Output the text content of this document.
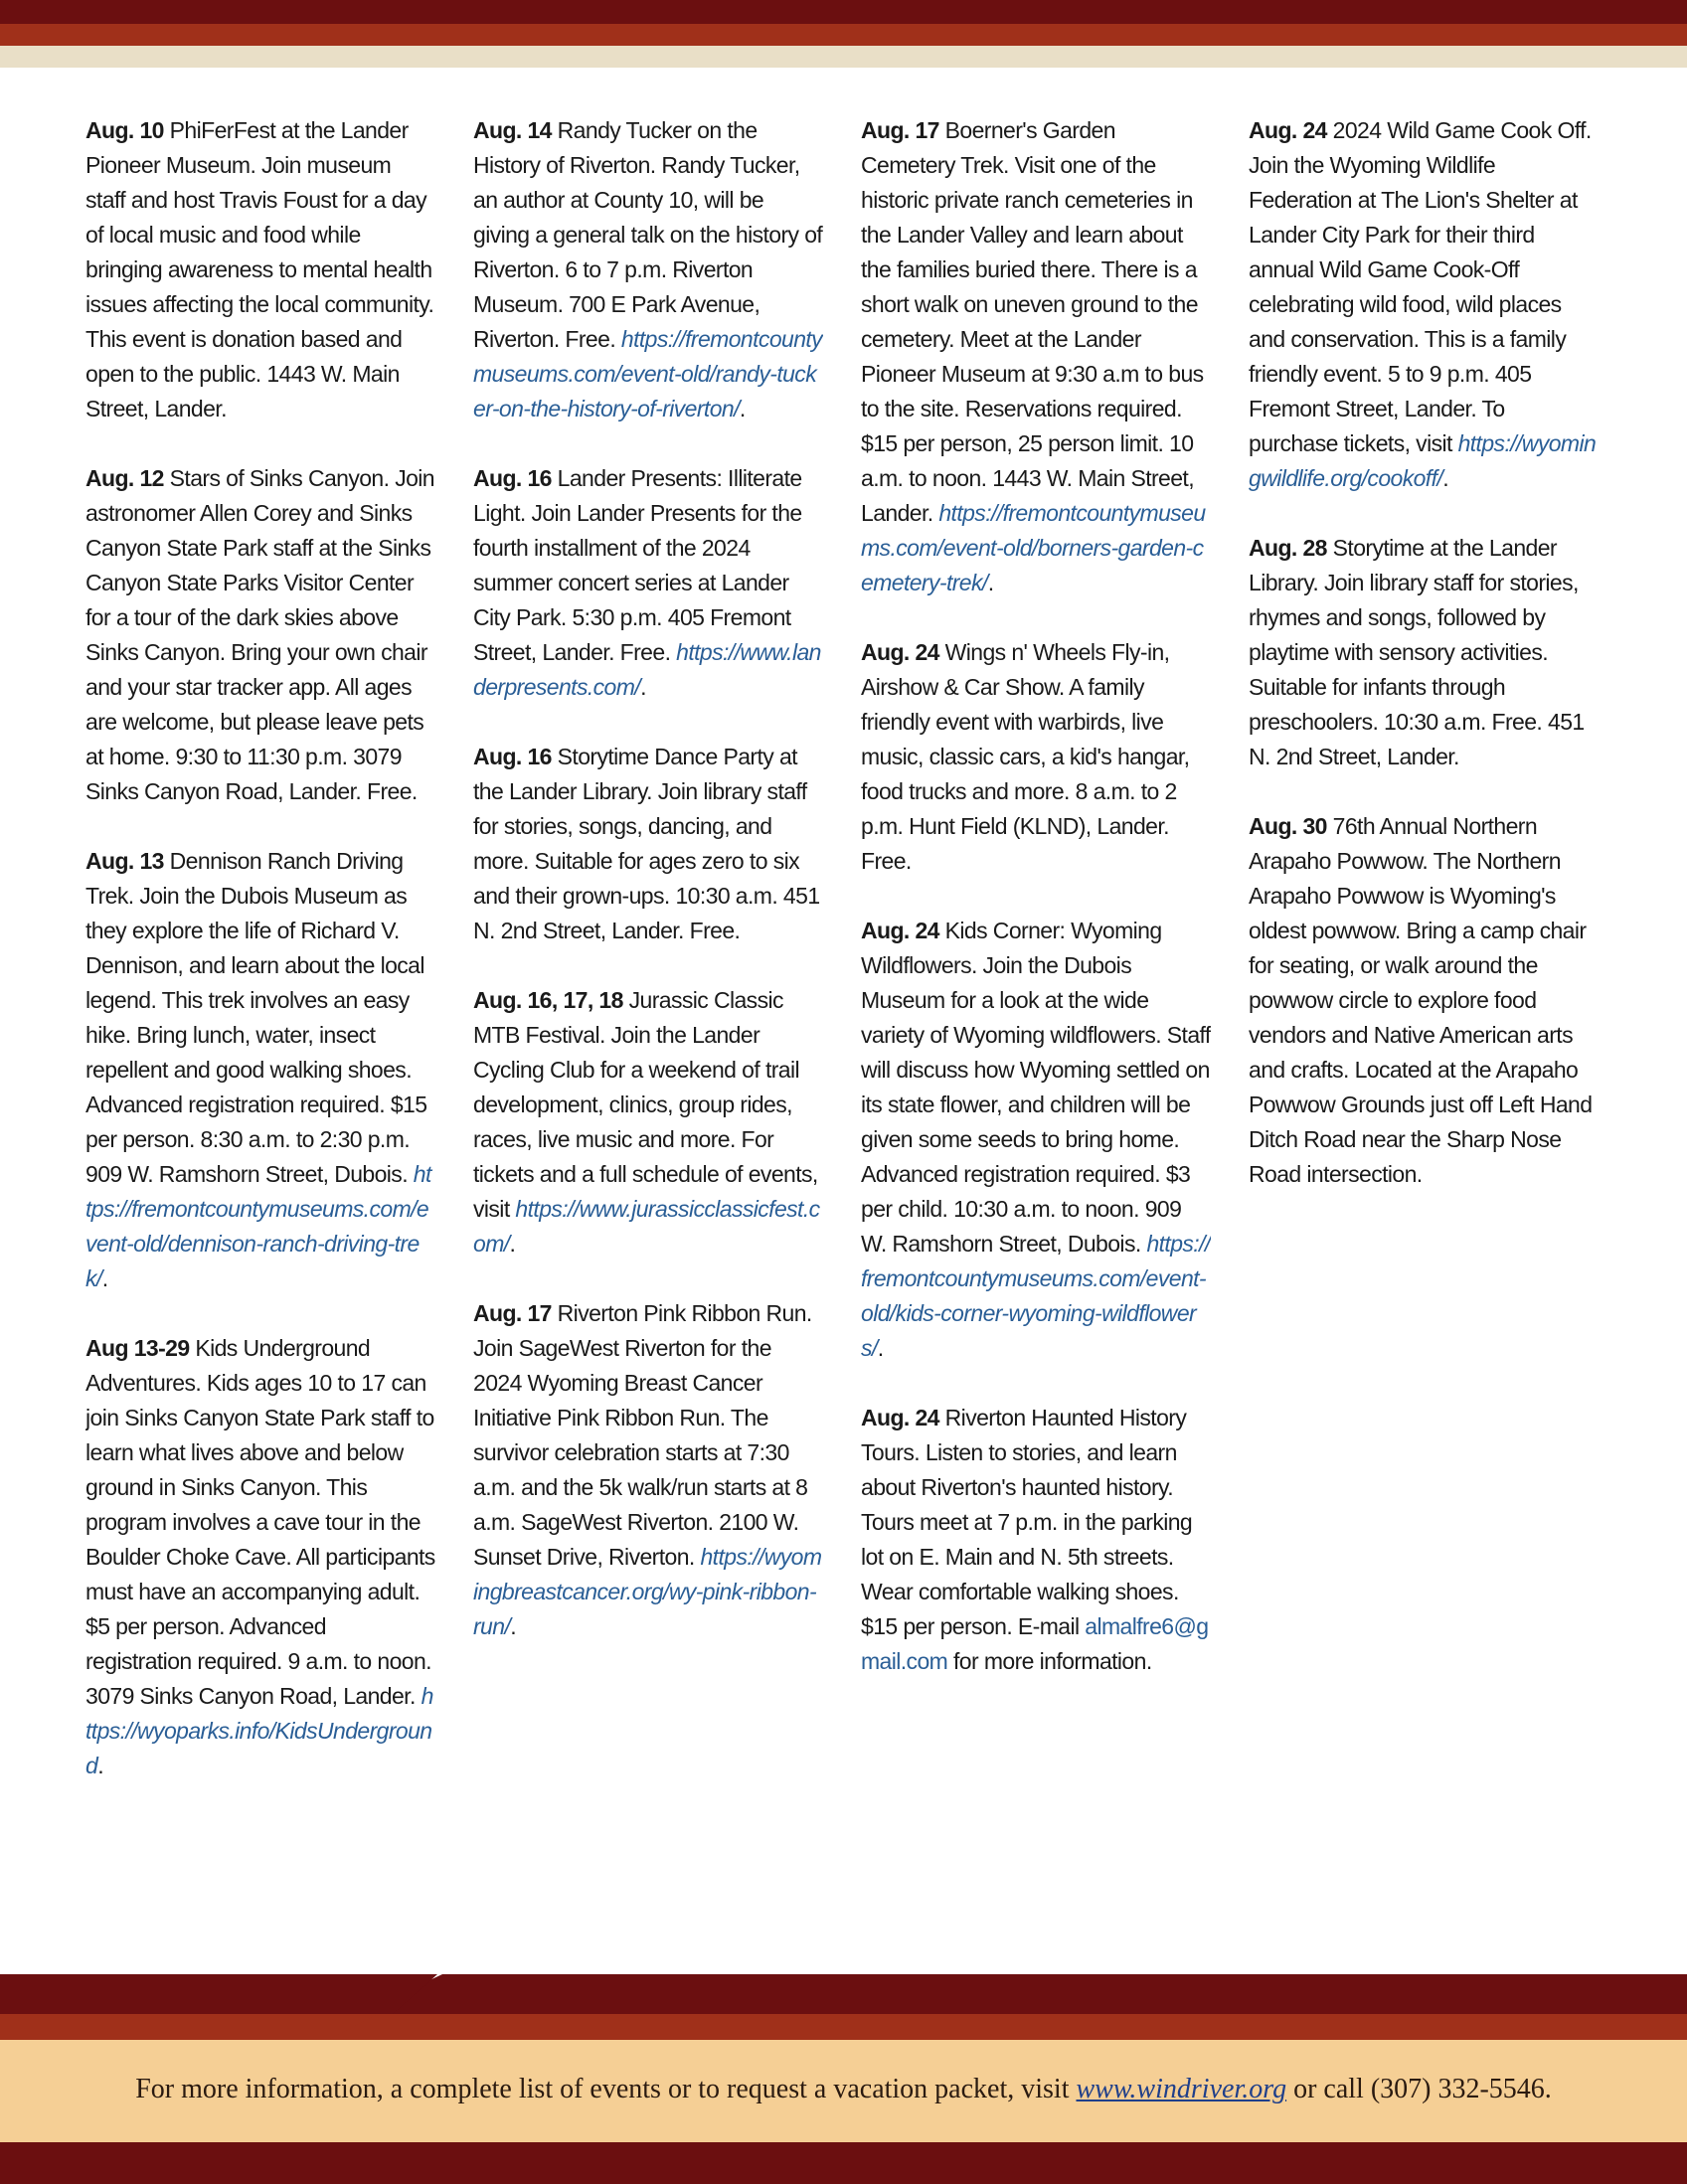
Aug. 10 PhiFerFest at the Lander Pioneer Museum. Join museum staff and host Travis Foust for a day of local music and food while bringing awareness to mental health issues affecting the local community. This event is donation based and open to the public. 1443 W. Main Street, Lander.

Aug. 12 Stars of Sinks Canyon. Join astronomer Allen Corey and Sinks Canyon State Park staff at the Sinks Canyon State Parks Visitor Center for a tour of the dark skies above Sinks Canyon. Bring your own chair and your star tracker app. All ages are welcome, but please leave pets at home. 9:30 to 11:30 p.m. 3079 Sinks Canyon Road, Lander. Free.

Aug. 13 Dennison Ranch Driving Trek. Join the Dubois Museum as they explore the life of Richard V. Dennison, and learn about the local legend. This trek involves an easy hike. Bring lunch, water, insect repellent and good walking shoes. Advanced registration required. $15 per person. 8:30 a.m. to 2:30 p.m. 909 W. Ramshorn Street, Dubois. https://fremontcountymuseums.com/event-old/dennison-ranch-driving-trek/.

Aug 13-29 Kids Underground Adventures. Kids ages 10 to 17 can join Sinks Canyon State Park staff to learn what lives above and below ground in Sinks Canyon. This program involves a cave tour in the Boulder Choke Cave. All participants must have an accompanying adult. $5 per person. Advanced registration required. 9 a.m. to noon. 3079 Sinks Canyon Road, Lander. https://wyoparks.info/KidsUnderground.

Aug. 14 Randy Tucker on the History of Riverton. Randy Tucker, an author at County 10, will be giving a general talk on the history of Riverton. 6 to 7 p.m. Riverton Museum. 700 E Park Avenue, Riverton. Free. https://fremontcountymuseums.com/event-old/randy-tucker-on-the-history-of-riverton/.

Aug. 16 Lander Presents: Illiterate Light. Join Lander Presents for the fourth installment of the 2024 summer concert series at Lander City Park. 5:30 p.m. 405 Fremont Street, Lander. Free. https://www.landerpresents.com/.

Aug. 16 Storytime Dance Party at the Lander Library. Join library staff for stories, songs, dancing, and more. Suitable for ages zero to six and their grown-ups. 10:30 a.m. 451 N. 2nd Street, Lander. Free.

Aug. 16, 17, 18 Jurassic Classic MTB Festival. Join the Lander Cycling Club for a weekend of trail development, clinics, group rides, races, live music and more. For tickets and a full schedule of events, visit https://www.jurassicclassicfest.com/.

Aug. 17 Riverton Pink Ribbon Run. Join SageWest Riverton for the 2024 Wyoming Breast Cancer Initiative Pink Ribbon Run. The survivor celebration starts at 7:30 a.m. and the 5k walk/run starts at 8 a.m. SageWest Riverton. 2100 W. Sunset Drive, Riverton. https://wyomingbreastcancer.org/wy-pink-ribbon-run/.

Aug. 17 Boerner's Garden Cemetery Trek. Visit one of the historic private ranch cemeteries in the Lander Valley and learn about the families buried there. There is a short walk on uneven ground to the cemetery. Meet at the Lander Pioneer Museum at 9:30 a.m to bus to the site. Reservations required. $15 per person, 25 person limit. 10 a.m. to noon. 1443 W. Main Street, Lander. https://fremontcountymuseums.com/event-old/borners-garden-cemetery-trek/.

Aug. 24 Wings n' Wheels Fly-in, Airshow & Car Show. A family friendly event with warbirds, live music, classic cars, a kid's hangar, food trucks and more. 8 a.m. to 2 p.m. Hunt Field (KLND), Lander. Free.

Aug. 24 Kids Corner: Wyoming Wildflowers. Join the Dubois Museum for a look at the wide variety of Wyoming wildflowers. Staff will discuss how Wyoming settled on its state flower, and children will be given some seeds to bring home. Advanced registration required. $3 per child. 10:30 a.m. to noon. 909 W. Ramshorn Street, Dubois. https://fremontcountymuseums.com/event-old/kids-corner-wyoming-wildflowers/.

Aug. 24 Riverton Haunted History Tours. Listen to stories, and learn about Riverton's haunted history. Tours meet at 7 p.m. in the parking lot on E. Main and N. 5th streets. Wear comfortable walking shoes. $15 per person. E-mail almalfre6@gmail.com for more information.

Aug. 24 2024 Wild Game Cook Off. Join the Wyoming Wildlife Federation at The Lion's Shelter at Lander City Park for their third annual Wild Game Cook-Off celebrating wild food, wild places and conservation. This is a family friendly event. 5 to 9 p.m. 405 Fremont Street, Lander. To purchase tickets, visit https://wyomingwildlife.org/cookoff/.

Aug. 28 Storytime at the Lander Library. Join library staff for stories, rhymes and songs, followed by playtime with sensory activities. Suitable for infants through preschoolers. 10:30 a.m. Free. 451 N. 2nd Street, Lander.

Aug. 30 76th Annual Northern Arapaho Powwow. The Northern Arapaho Powwow is Wyoming's oldest powwow. Bring a camp chair for seating, or walk around the powwow circle to explore food vendors and Native American arts and crafts. Located at the Arapaho Powwow Grounds just off Left Hand Ditch Road near the Sharp Nose Road intersection.

For more information, a complete list of events or to request a vacation packet, visit www.windriver.org or call (307) 332-5546.
